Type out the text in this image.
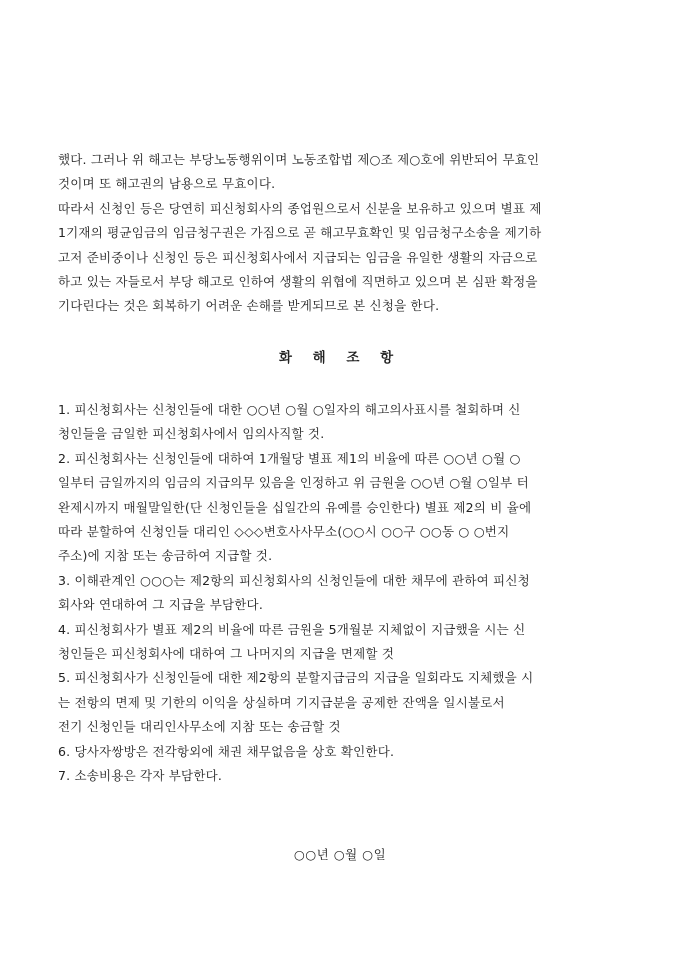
했다. 그러나 위 해고는 부당노동행위이며 노동조합법 제○조 제○호에 위반되어 무효인

것이며 또 해고권의 남용으로 무효이다.

따라서 신청인 등은 당연히 피신청회사의 종업원으로서 신분을 보유하고 있으며 별표 제

1기재의 평균임금의 임금청구권은 가짐으로 곧 해고무효확인 및 임금청구소송을 제기하

고저 준비중이나 신청인 등은 피신청회사에서 지급되는 임금을 유일한 생활의 자금으로

하고 있는 자들로서 부당 해고로 인하여 생활의 위협에 직면하고 있으며 본 심판 확정을

기다린다는 것은 회복하기 어려운 손해를 받게되므로 본 신청을 한다.

화 해 조 항

1. 피신청회사는 신청인들에 대한 ○○년 ○월 ○일자의 해고의사표시를 철회하며 신

청인들을 금일한 피신청회사에서 임의사직할 것.

2. 피신청회사는 신청인들에 대하여 1개월당 별표 제1의 비율에 따른 ○○년 ○월 ○

일부터 금일까지의 임금의 지급의무 있음을 인정하고 위 금원을 ○○년 ○월 ○일부 터

완제시까지 매월말일한(단 신청인들을 십일간의 유예를 승인한다) 별표 제2의 비 율에

따라 분할하여 신청인들 대리인 ◇◇◇변호사사무소(○○시 ○○구 ○○동 ○ ○번지

주소)에 지참 또는 송금하여 지급할 것.

3. 이해관계인 ○○○는 제2항의 피신청회사의 신청인들에 대한 채무에 관하여 피신청

회사와 연대하여 그 지급을 부담한다.

4. 피신청회사가 별표 제2의 비율에 따른 금원을 5개월분 지체없이 지급했을 시는 신

청인들은 피신청회사에 대하여 그 나머지의 지급을 면제할 것

5. 피신청회사가 신청인들에 대한 제2항의 분할지급금의 지급을 일회라도 지체했을 시

는 전항의 면제 및 기한의 이익을 상실하며 기지급분을 공제한 잔액을 일시불로서

전기 신청인들 대리인사무소에 지참 또는 송금할 것

6. 당사자쌍방은 전각항외에 채권 채무없음을 상호 확인한다.

7. 소송비용은 각자 부담한다.

○○년 ○월 ○일
